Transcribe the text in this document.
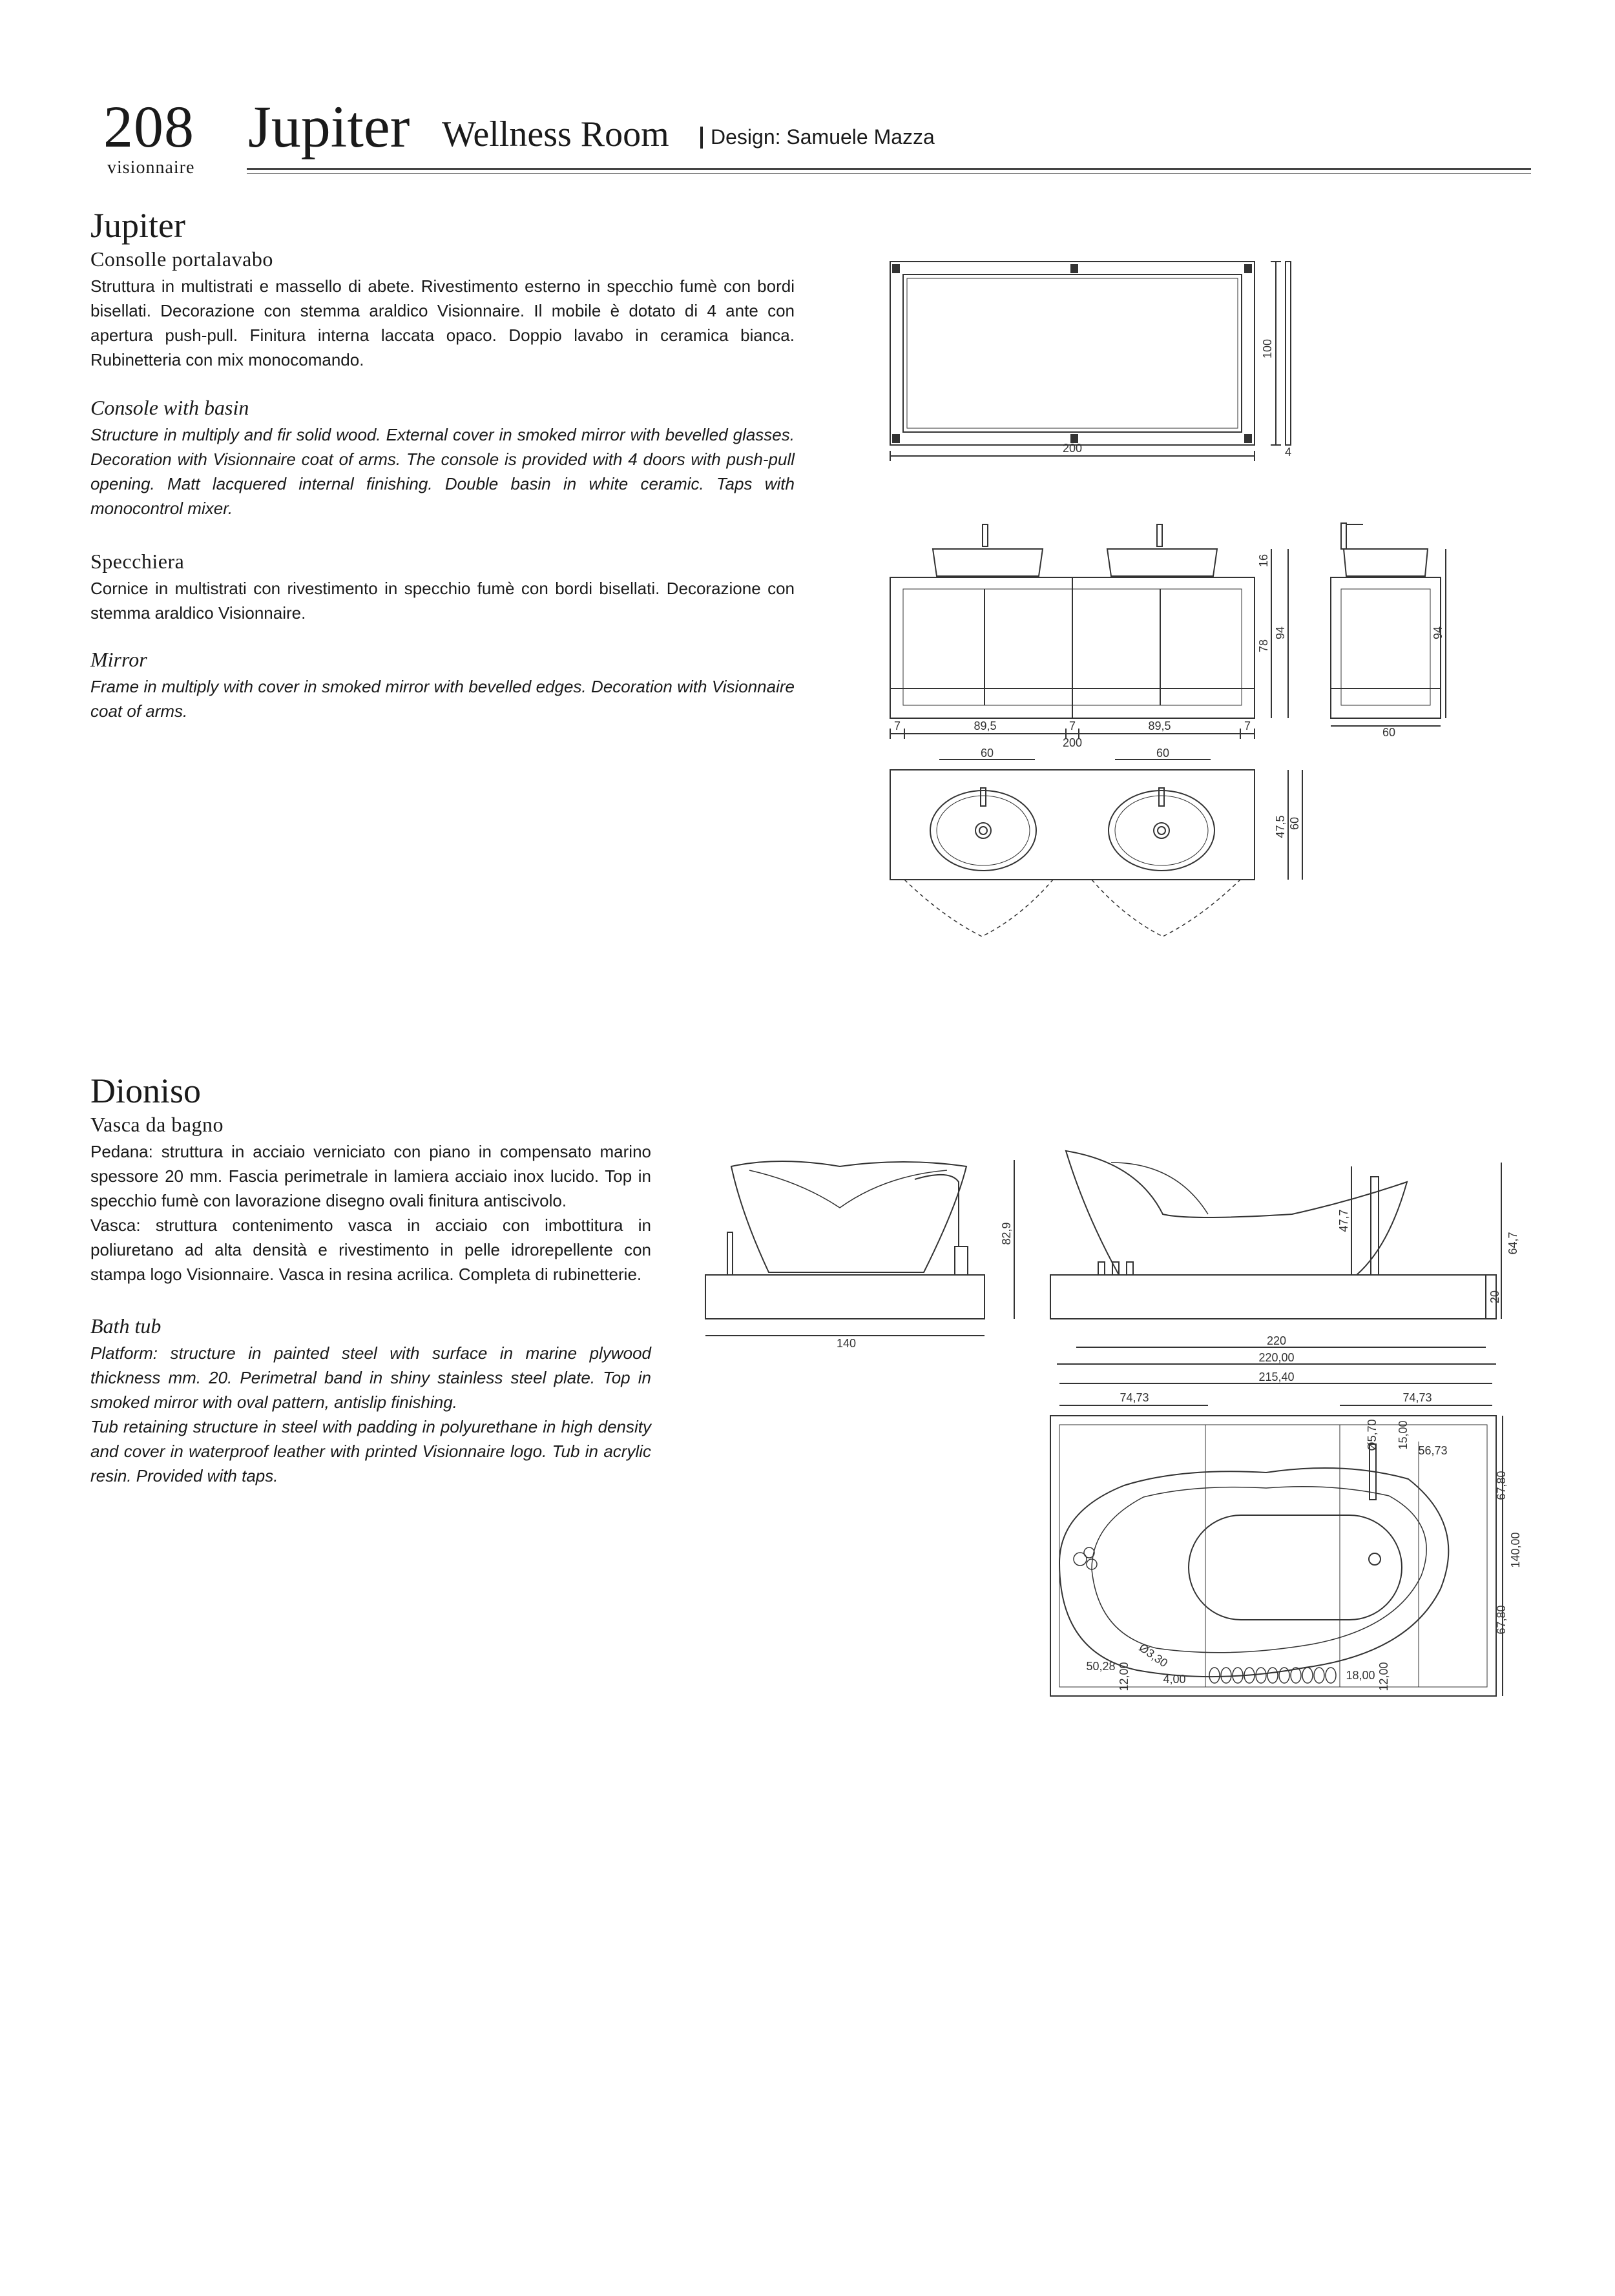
208
visionnaire
Jupiter Wellness Room Design: Samuele Mazza
Jupiter
Consolle portalavabo
Struttura in multistrati e massello di abete. Rivestimento esterno in specchio fumè con bordi bisellati. Decorazione con stemma araldico Visionnaire. Il mobile è dotato di 4 ante con apertura push-pull. Finitura interna laccata opaco. Doppio lavabo in ceramica bianca. Rubinetteria con mix monocomando.
Console with basin
Structure in multiply and fir solid wood. External cover in smoked mirror with bevelled glasses. Decoration with Visionnaire coat of arms. The console is provided with 4 doors with push-pull opening. Matt lacquered internal finishing. Double basin in white ceramic. Taps with monocontrol mixer.
Specchiera
Cornice in multistrati con rivestimento in specchio fumè con bordi bisellati. Decorazione con stemma araldico Visionnaire.
Mirror
Frame in multiply with cover in smoked mirror with bevelled edges. Decoration with Visionnaire coat of arms.
Dioniso
Vasca da bagno
Pedana: struttura in acciaio verniciato con piano in compensato marino spessore 20 mm. Fascia perimetrale in lamiera acciaio inox lucido. Top in specchio fumè con lavorazione disegno ovali finitura antiscivolo.
Vasca: struttura contenimento vasca in acciaio con imbottitura in poliuretano ad alta densità e rivestimento in pelle idrorepellente con stampa logo Visionnaire. Vasca in resina acrilica. Completa di rubinetterie.
Bath tub
Platform: structure in painted steel with surface in marine plywood thickness mm. 20. Perimetral band in shiny stainless steel plate. Top in smoked mirror with oval pattern, antislip finishing.
Tub retaining structure in steel with padding in polyurethane in high density and cover in waterproof leather with printed Visionnaire logo. Tub in acrylic resin. Provided with taps.
200
100
4
7	89,5	7	89,5	7
200
16
78
94	94
60
60	60
47,5 60
140
82,9
220
47,7
64,7
20
220,00
215,40
74,73	74,73
140,00
67,80
67,80
15,00
56,73
Ø5,70
50,28 Ø3,30
4,00
12,00	18,00 12,00
